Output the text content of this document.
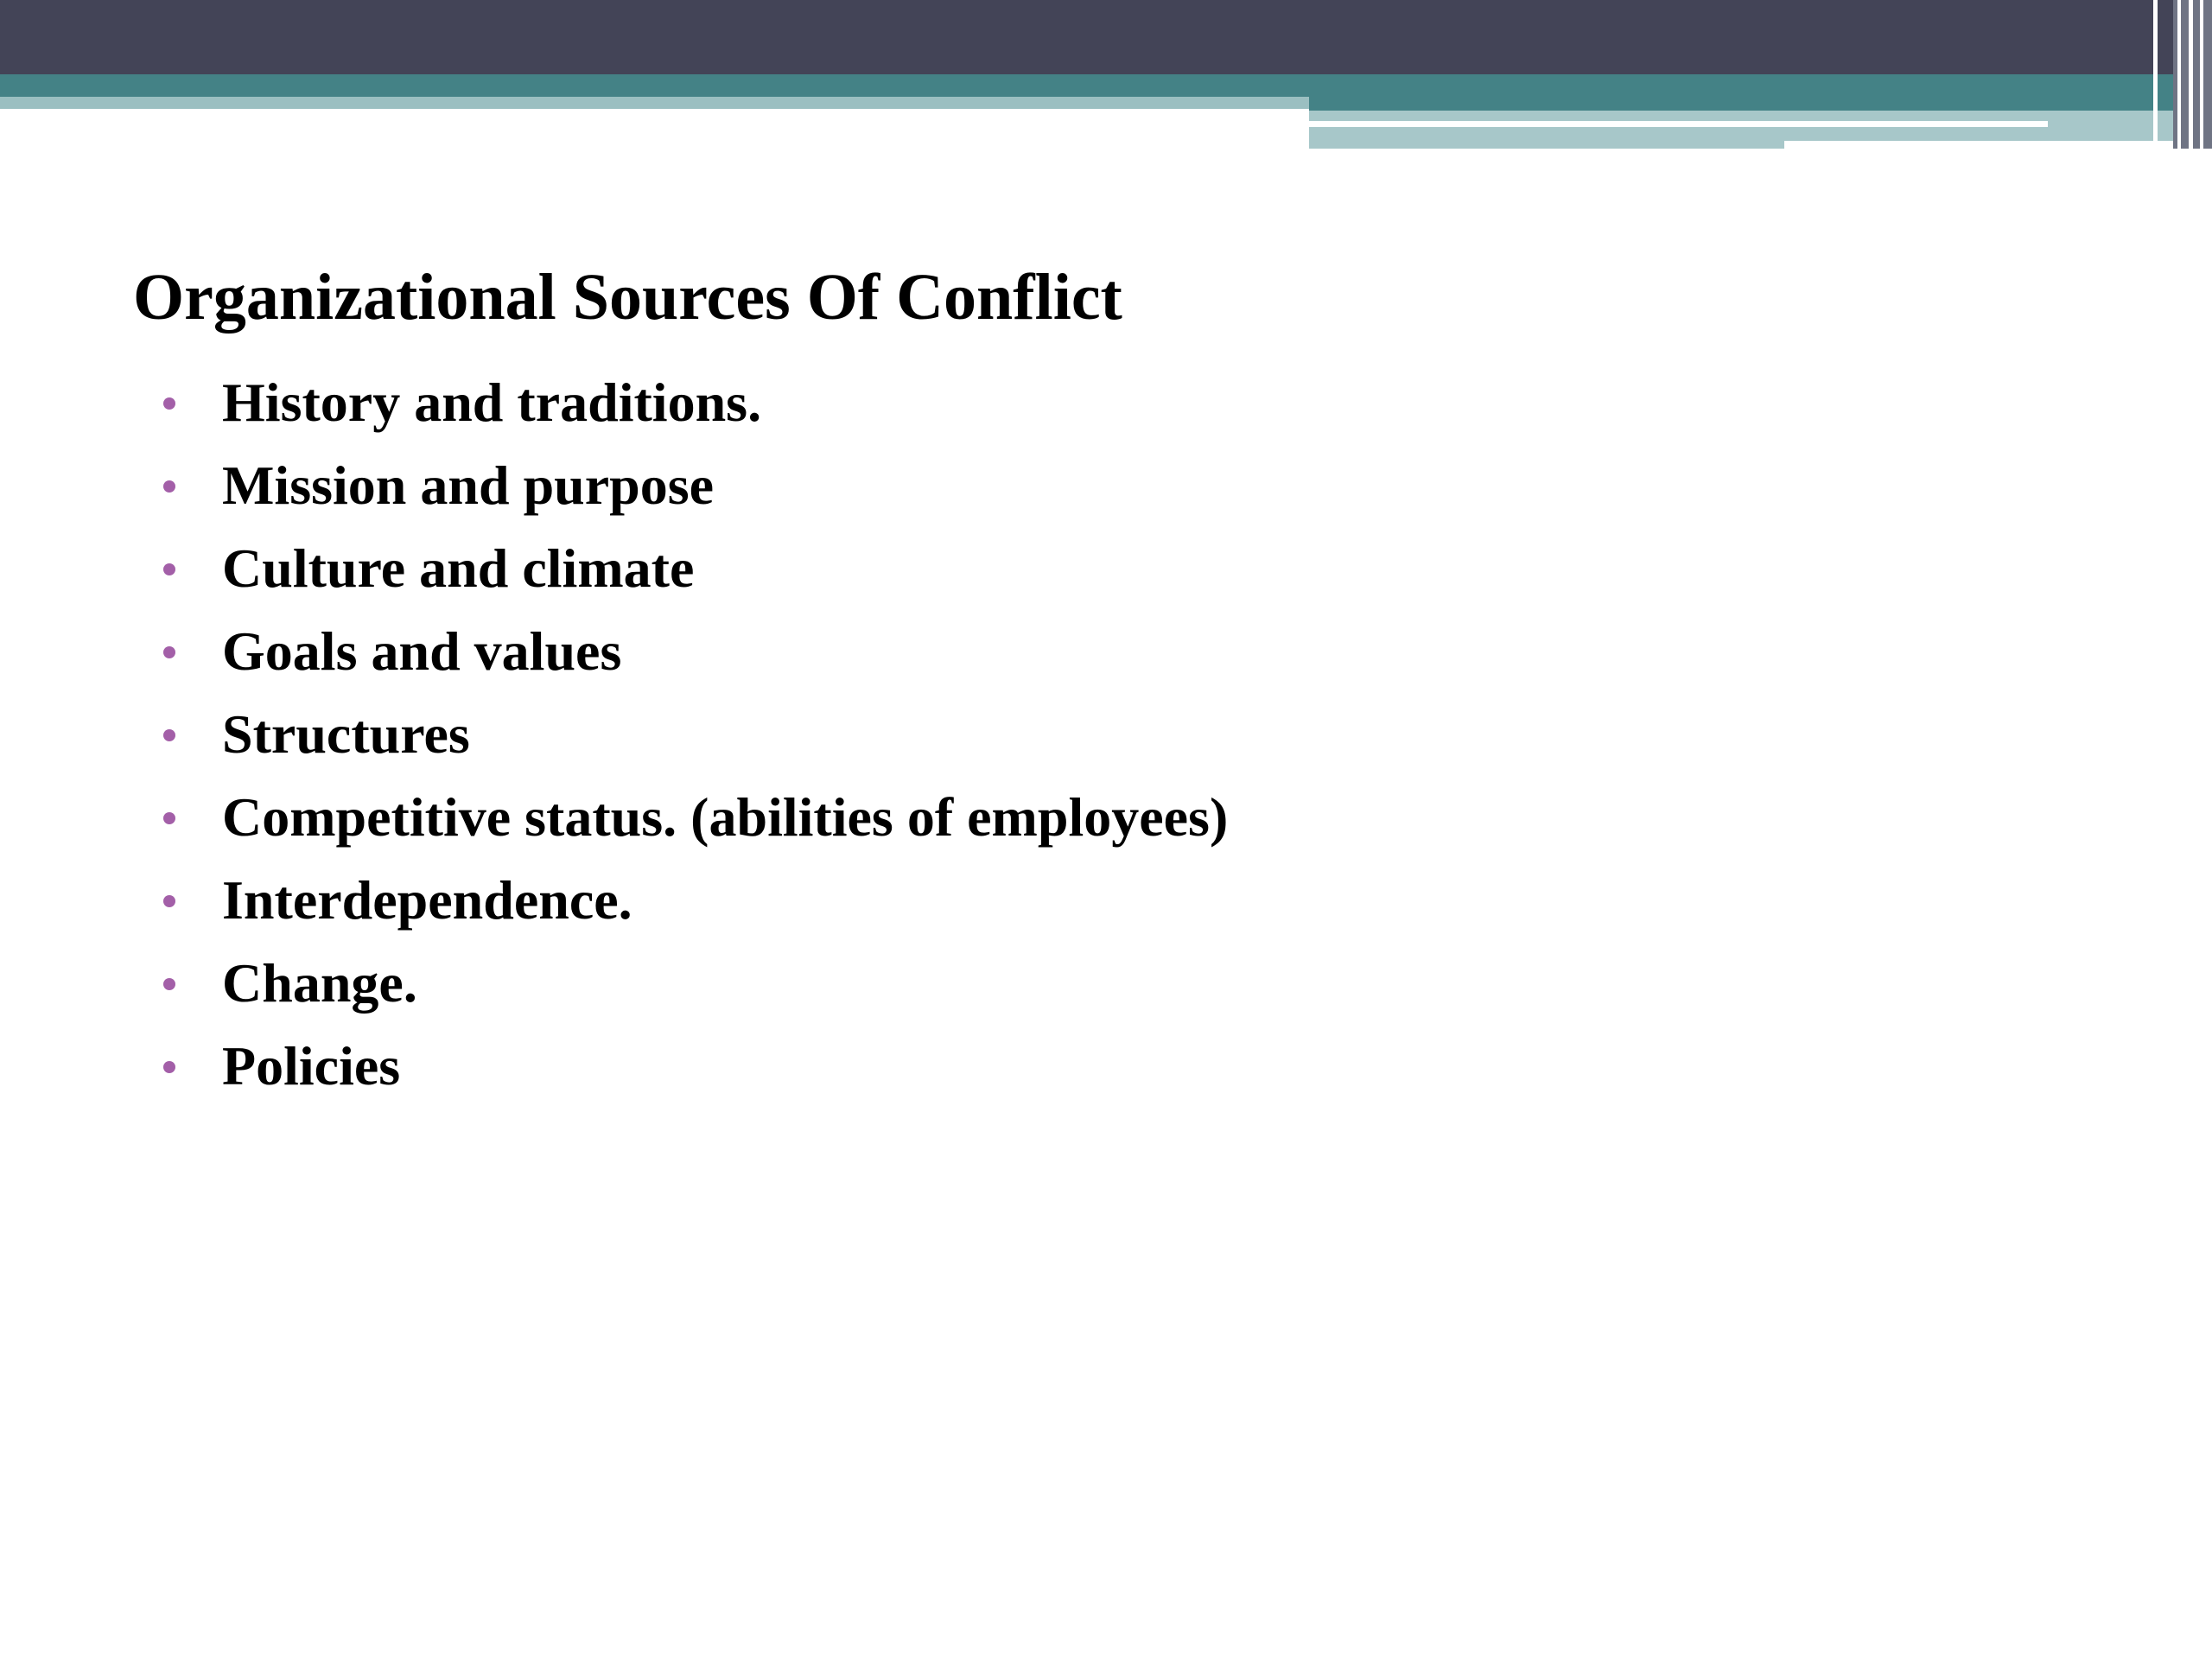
Organizational Sources Of Conflict
History and traditions.
Mission and purpose
Culture and climate
Goals and values
Structures
Competitive status. (abilities of employees)
Interdependence.
Change.
Policies
